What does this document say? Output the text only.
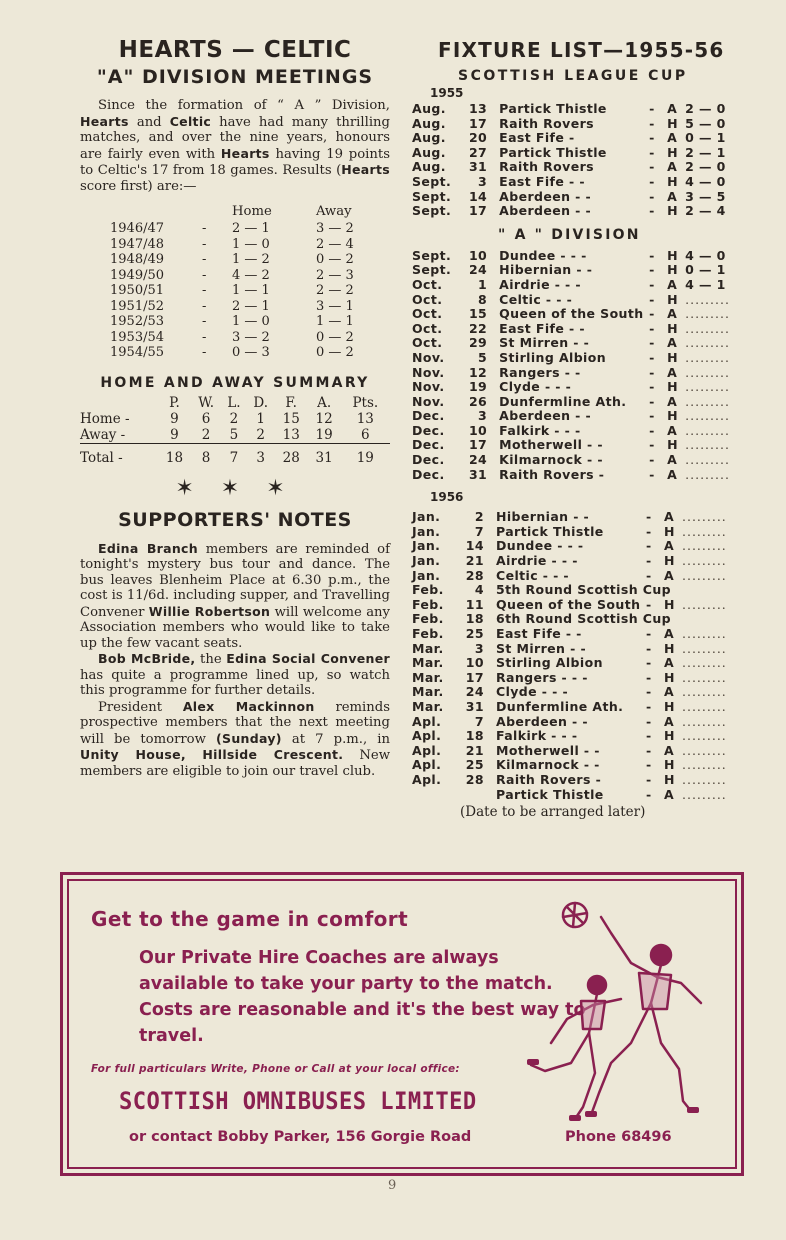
HEARTS — CELTIC
"A" DIVISION MEETINGS

Since the formation of “ A ” Division, Hearts and Celtic have had many thrilling matches, and over the nine years, honours are fairly even with Hearts having 19 points to Celtic's 17 from 18 games. Results (Hearts score first) are:—

		Home	Away
1946/47	-	2 — 1	3 — 2
1947/48	-	1 — 0	2 — 4
1948/49	-	1 — 2	0 — 2
1949/50	-	4 — 2	2 — 3
1950/51	-	1 — 1	2 — 2
1951/52	-	2 — 1	3 — 1
1952/53	-	1 — 0	1 — 1
1953/54	-	3 — 2	0 — 2
1954/55	-	0 — 3	0 — 2
HOME AND AWAY SUMMARY
	P.	W.	L.	D.	F.	A.	Pts.
Home -	9	6	2	1	15	12	13
Away -	9	2	5	2	13	19	6

Total -	18	8	7	3	28	31	19
✶ ✶ ✶
SUPPORTERS' NOTES

Edina Branch members are reminded of tonight's mystery bus tour and dance. The bus leaves Blenheim Place at 6.30 p.m., the cost is 11/6d. including supper, and Travelling Convener Willie Robertson will welcome any Association members who would like to take up the few vacant seats.

Bob McBride, the Edina Social Convener has quite a programme lined up, so watch this programme for further details.

President Alex Mackinnon reminds prospective members that the next meeting will be tomorrow (Sunday) at 7 p.m., in Unity House, Hillside Crescent. New members are eligible to join our travel club.

FIXTURE LIST—1955-56
SCOTTISH LEAGUE CUP
1955
Aug.	13	Partick Thistle	-	A	2 — 0
Aug.	17	Raith Rovers	-	H	5 — 0
Aug.	20	East Fife -	-	A	0 — 1
Aug.	27	Partick Thistle	-	H	2 — 1
Aug.	31	Raith Rovers	-	A	2 — 0
Sept.	3	East Fife - -	-	H	4 — 0
Sept.	14	Aberdeen - -	-	A	3 — 5
Sept.	17	Aberdeen - -	-	H	2 — 4
" A " DIVISION
Sept.	10	Dundee - - -	-	H	4 — 0
Sept.	24	Hibernian - -	-	H	0 — 1
Oct.	1	Airdrie - - -	-	A	4 — 1
Oct.	8	Celtic - - -	-	H	.........
Oct.	15	Queen of the South	-	A	.........
Oct.	22	East Fife - -	-	H	.........
Oct.	29	St Mirren - -	-	A	.........
Nov.	5	Stirling Albion	-	H	.........
Nov.	12	Rangers - -	-	A	.........
Nov.	19	Clyde - - -	-	H	.........
Nov.	26	Dunfermline Ath.	-	A	.........
Dec.	3	Aberdeen - -	-	H	.........
Dec.	10	Falkirk - - -	-	A	.........
Dec.	17	Motherwell - -	-	H	.........
Dec.	24	Kilmarnock - -	-	A	.........
Dec.	31	Raith Rovers -	-	A	.........
1956
Jan.	2	Hibernian - -	-	A	.........
Jan.	7	Partick Thistle	-	H	.........
Jan.	14	Dundee - - -	-	A	.........
Jan.	21	Airdrie - - -	-	H	.........
Jan.	28	Celtic - - -	-	A	.........
Feb.	4	5th Round Scottish Cup			
Feb.	11	Queen of the South	-	H	.........
Feb.	18	6th Round Scottish Cup			
Feb.	25	East Fife - -	-	A	.........
Mar.	3	St Mirren - -	-	H	.........
Mar.	10	Stirling Albion	-	A	.........
Mar.	17	Rangers - - -	-	H	.........
Mar.	24	Clyde - - -	-	A	.........
Mar.	31	Dunfermline Ath.	-	H	.........
Apl.	7	Aberdeen - -	-	A	.........
Apl.	18	Falkirk - - -	-	H	.........
Apl.	21	Motherwell - -	-	A	.........
Apl.	25	Kilmarnock - -	-	H	.........
Apl.	28	Raith Rovers -	-	H	.........
		Partick Thistle	-	A	.........
(Date to be arranged later)
Get to the game in comfort
Our Private Hire Coaches are always available to take your party to the match. Costs are reasonable and it's the best way to travel.
For full particulars Write, Phone or Call at your local office:
SCOTTISH OMNIBUSES LIMITED
or contact Bobby Parker, 156 Gorgie Road	Phone 68496
9
